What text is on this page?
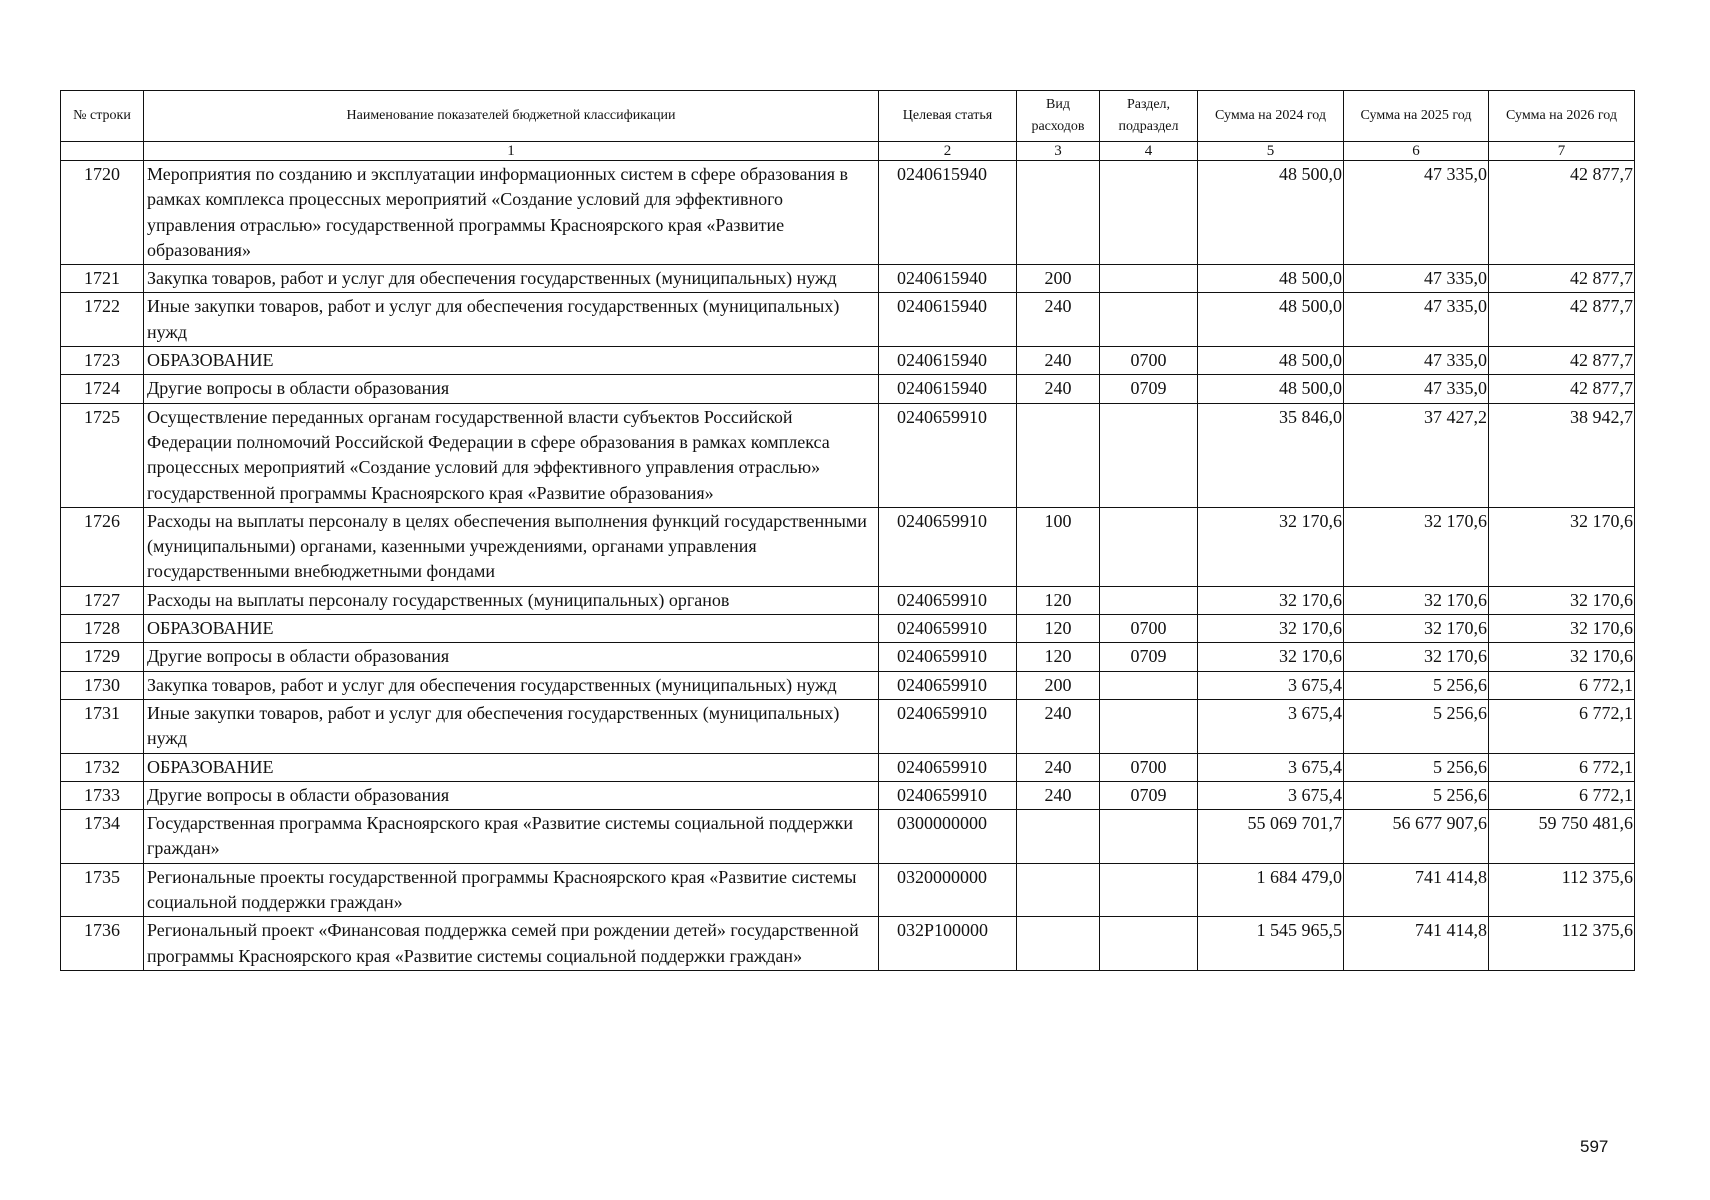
№ строки	Наименование показателей бюджетной классификации	Целевая статья	Вид расходов	Раздел, подраздел	Сумма на 2024 год	Сумма на 2025 год	Сумма на 2026 год
	1	2	3	4	5	6	7
1720	Мероприятия по созданию и эксплуатации информационных систем в сфере образования в рамках комплекса процессных мероприятий «Создание условий для эффективного управления отраслью» государственной программы Красноярского края «Развитие образования»	0240615940			48 500,0	47 335,0	42 877,7
1721	Закупка товаров, работ и услуг для обеспечения государственных (муниципальных) нужд	0240615940	200		48 500,0	47 335,0	42 877,7
1722	Иные закупки товаров, работ и услуг для обеспечения государственных (муниципальных) нужд	0240615940	240		48 500,0	47 335,0	42 877,7
1723	ОБРАЗОВАНИЕ	0240615940	240	0700	48 500,0	47 335,0	42 877,7
1724	Другие вопросы в области образования	0240615940	240	0709	48 500,0	47 335,0	42 877,7
1725	Осуществление переданных органам государственной власти субъектов Российской Федерации полномочий Российской Федерации в сфере образования в рамках комплекса процессных мероприятий «Создание условий для эффективного управления отраслью» государственной программы Красноярского края «Развитие образования»	0240659910			35 846,0	37 427,2	38 942,7
1726	Расходы на выплаты персоналу в целях обеспечения выполнения функций государственными (муниципальными) органами, казенными учреждениями, органами управления государственными внебюджетными фондами	0240659910	100		32 170,6	32 170,6	32 170,6
1727	Расходы на выплаты персоналу государственных (муниципальных) органов	0240659910	120		32 170,6	32 170,6	32 170,6
1728	ОБРАЗОВАНИЕ	0240659910	120	0700	32 170,6	32 170,6	32 170,6
1729	Другие вопросы в области образования	0240659910	120	0709	32 170,6	32 170,6	32 170,6
1730	Закупка товаров, работ и услуг для обеспечения государственных (муниципальных) нужд	0240659910	200		3 675,4	5 256,6	6 772,1
1731	Иные закупки товаров, работ и услуг для обеспечения государственных (муниципальных) нужд	0240659910	240		3 675,4	5 256,6	6 772,1
1732	ОБРАЗОВАНИЕ	0240659910	240	0700	3 675,4	5 256,6	6 772,1
1733	Другие вопросы в области образования	0240659910	240	0709	3 675,4	5 256,6	6 772,1
1734	Государственная программа Красноярского края «Развитие системы социальной поддержки граждан»	0300000000			55 069 701,7	56 677 907,6	59 750 481,6
1735	Региональные проекты государственной программы Красноярского края «Развитие системы социальной поддержки граждан»	0320000000			1 684 479,0	741 414,8	112 375,6
1736	Региональный проект «Финансовая поддержка семей при рождении детей» государственной программы Красноярского края «Развитие системы социальной поддержки граждан»	032P100000			1 545 965,5	741 414,8	112 375,6
597
